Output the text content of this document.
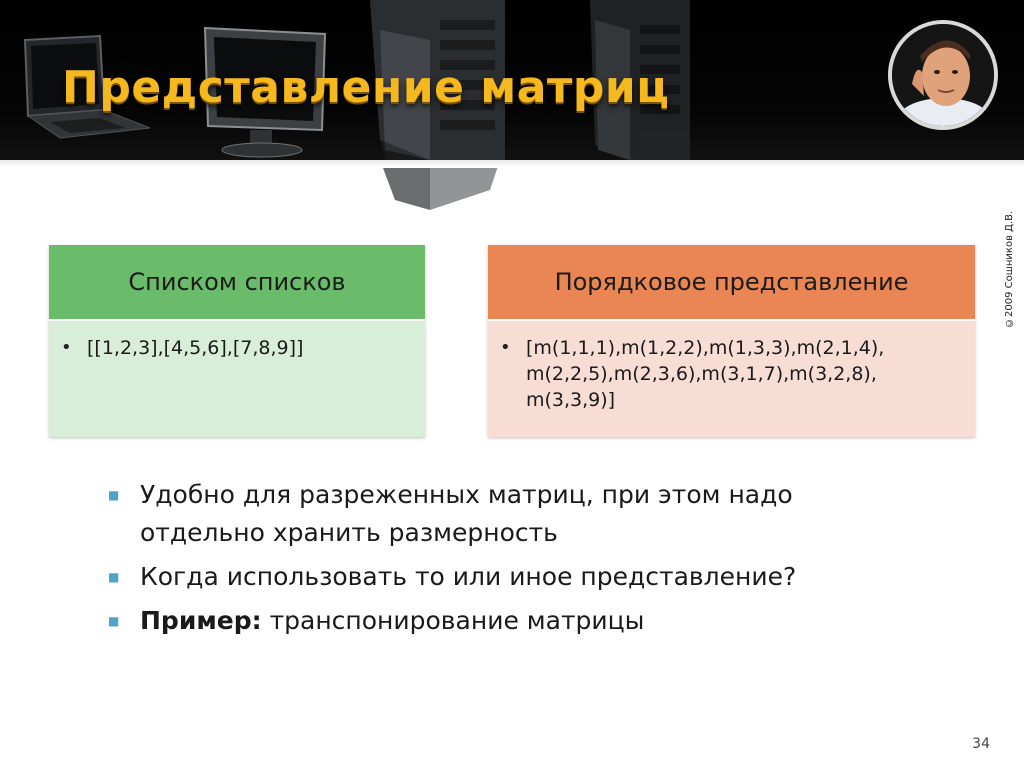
Представление матриц
©2009 Сошников Д.В.
Списком списков
• [[1,2,3],[4,5,6],[7,8,9]]
Порядковое представление
• [m(1,1,1),m(1,2,2),m(1,3,3),m(2,1,4), m(2,2,5),m(2,3,6),m(3,1,7),m(3,2,8), m(3,3,9)]
■ Удобно для разреженных матриц, при этом надо отдельно хранить размерность
■ Когда использовать то или иное представление?
■ Пример: транспонирование матрицы
34
